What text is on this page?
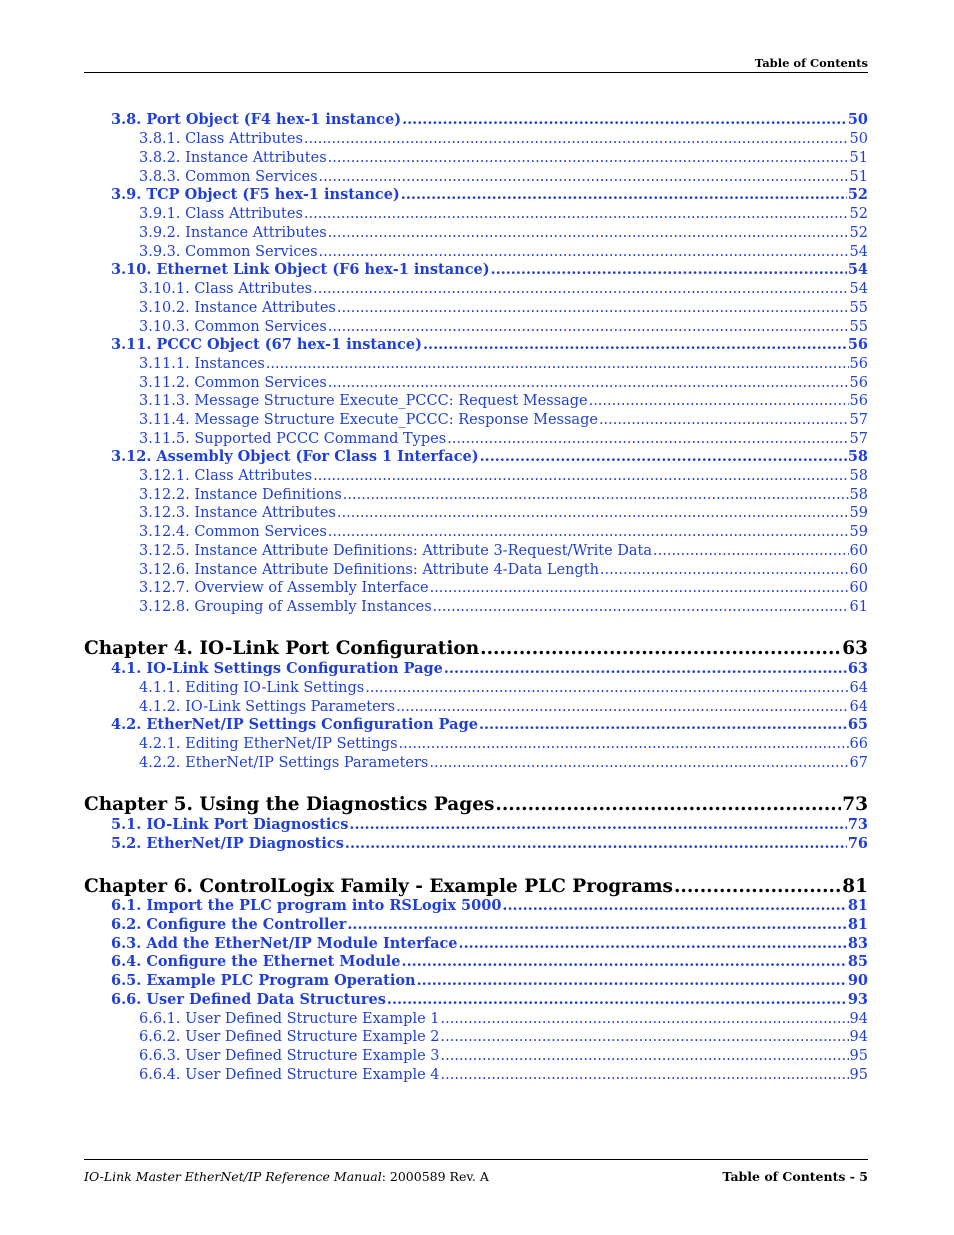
Table of Contents
3.8. Port Object (F4 hex-1 instance) .....	50
3.8.1. Class Attributes .....	50
3.8.2. Instance Attributes .....	51
3.8.3. Common Services .....	51
3.9. TCP Object (F5 hex-1 instance) .....	52
3.9.1. Class Attributes .....	52
3.9.2. Instance Attributes .....	52
3.9.3. Common Services .....	54
3.10. Ethernet Link Object (F6 hex-1 instance) .....	54
3.10.1. Class Attributes .....	54
3.10.2. Instance Attributes .....	55
3.10.3. Common Services .....	55
3.11. PCCC Object (67 hex-1 instance) .....	56
3.11.1. Instances .....	56
3.11.2. Common Services .....	56
3.11.3. Message Structure Execute_PCCC: Request Message .....	56
3.11.4. Message Structure Execute_PCCC: Response Message .....	57
3.11.5. Supported PCCC Command Types .....	57
3.12. Assembly Object (For Class 1 Interface) .....	58
3.12.1. Class Attributes .....	58
3.12.2. Instance Definitions .....	58
3.12.3. Instance Attributes .....	59
3.12.4. Common Services .....	59
3.12.5. Instance Attribute Definitions: Attribute 3-Request/Write Data .....	60
3.12.6. Instance Attribute Definitions: Attribute 4-Data Length .....	60
3.12.7. Overview of Assembly Interface .....	60
3.12.8. Grouping of Assembly Instances .....	61
Chapter 4. IO-Link Port Configuration .....	63
4.1. IO-Link Settings Configuration Page .....	63
4.1.1. Editing IO-Link Settings .....	64
4.1.2. IO-Link Settings Parameters .....	64
4.2. EtherNet/IP Settings Configuration Page .....	65
4.2.1. Editing EtherNet/IP Settings .....	66
4.2.2. EtherNet/IP Settings Parameters .....	67
Chapter 5. Using the Diagnostics Pages .....	73
5.1. IO-Link Port Diagnostics .....	73
5.2. EtherNet/IP Diagnostics .....	76
Chapter 6. ControlLogix Family - Example PLC Programs .....	81
6.1. Import the PLC program into RSLogix 5000 .....	81
6.2. Configure the Controller .....	81
6.3. Add the EtherNet/IP Module Interface .....	83
6.4. Configure the Ethernet Module .....	85
6.5. Example PLC Program Operation .....	90
6.6. User Defined Data Structures .....	93
6.6.1. User Defined Structure Example 1 .....	94
6.6.2. User Defined Structure Example 2 .....	94
6.6.3. User Defined Structure Example 3 .....	95
6.6.4. User Defined Structure Example 4 .....	95
IO-Link Master EtherNet/IP Reference Manual: 2000589 Rev. A	Table of Contents - 5
